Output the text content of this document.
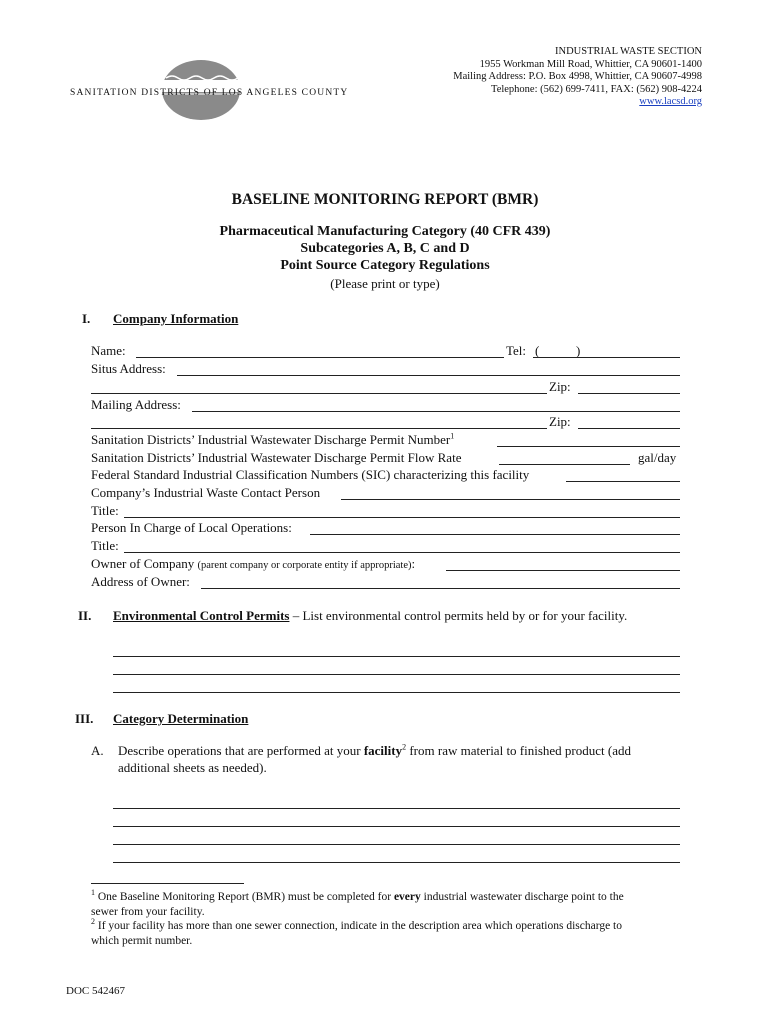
SANITATION DISTRICTS OF LOS ANGELES COUNTY
INDUSTRIAL WASTE SECTION
1955 Workman Mill Road, Whittier, CA 90601-1400
Mailing Address: P.O. Box 4998, Whittier, CA 90607-4998
Telephone: (562) 699-7411, FAX: (562) 908-4224
www.lacsd.org
BASELINE MONITORING REPORT (BMR)
Pharmaceutical Manufacturing Category (40 CFR 439)
Subcategories A, B, C and D
Point Source Category Regulations
(Please print or type)
I. Company Information
Name:	Tel: (	)
Situs Address:
Zip:
Mailing Address:
Zip:
Sanitation Districts’ Industrial Wastewater Discharge Permit Number$^1$
Sanitation Districts’ Industrial Wastewater Discharge Permit Flow Rate	gal/day
Federal Standard Industrial Classification Numbers (SIC) characterizing this facility
Company’s Industrial Waste Contact Person
Title:
Person In Charge of Local Operations:
Title:
Owner of Company (parent company or corporate entity if appropriate):
Address of Owner:
II. Environmental Control Permits – List environmental control permits held by or for your facility.
III. Category Determination
A. Describe operations that are performed at your facility$^2$ from raw material to finished product (add
additional sheets as needed).
$^1$ One Baseline Monitoring Report (BMR) must be completed for every industrial wastewater discharge point to the
sewer from your facility.
$^2$ If your facility has more than one sewer connection, indicate in the description area which operations discharge to
which permit number.
DOC 542467
